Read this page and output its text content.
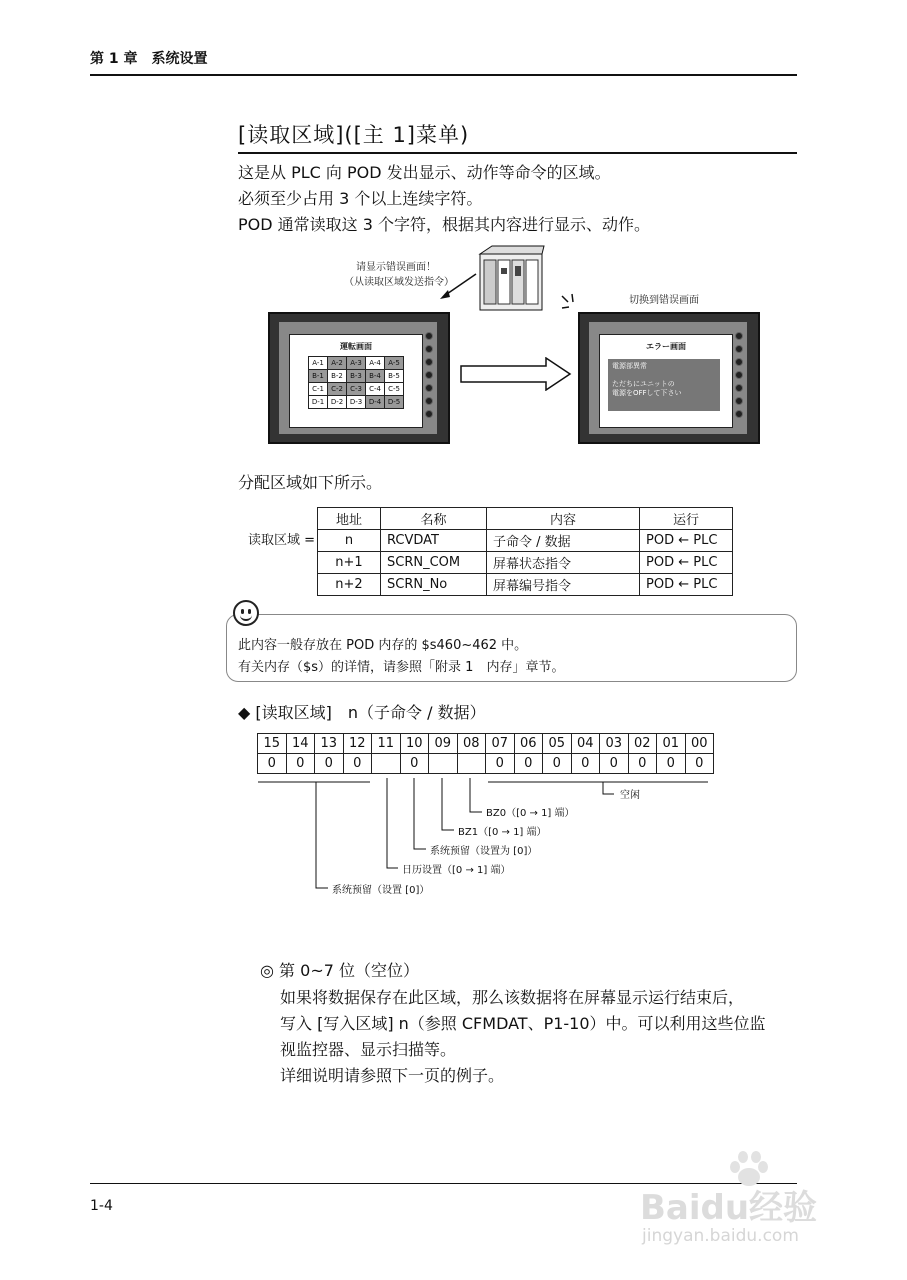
第 1 章 系统设置
[读取区域]([主 1]菜单)
这是从 PLC 向 POD 发出显示、动作等命令的区域。
必须至少占用 3 个以上连续字符。
POD 通常读取这 3 个字符，根据其内容进行显示、动作。
请显示错误画面！
（从读取区域发送指令）
切换到错误画面
運転画面
A-1	A-2	A-3	A-4	A-5
B-1	B-2	B-3	B-4	B-5
C-1	C-2	C-3	C-4	C-5
D-1	D-2	D-3	D-4	D-5
エラー画面
電源部異常
ただちにユニットの
電源をOFFして下さい
分配区域如下所示。
读取区域 =
地址	名称	内容	运行
n	RCVDAT	子命令 / 数据	POD ← PLC
n+1	SCRN_COM	屏幕状态指令	POD ← PLC
n+2	SCRN_No	屏幕编号指令	POD ← PLC
此内容一般存放在 POD 内存的 $s460~462 中。
有关内存（$s）的详情，请参照「附录 1　内存」章节。
◆ [读取区域]　n（子命令 / 数据）
15	14	13	12	11	10	09	08	07	06	05	04	03	02	01	00
0	0	0	0		0			0	0	0	0	0	0	0	0
空闲
BZ0（[0 → 1] 端）
BZ1（[0 → 1] 端）
系统预留（设置为 [0]）
日历设置（[0 → 1] 端）
系统预留（设置 [0]）
◎ 第 0~7 位（空位）
如果将数据保存在此区域，那么该数据将在屏幕显示运行结束后，
写入 [写入区域] n（参照 CFMDAT、P1-10）中。可以利用这些位监
视监控器、显示扫描等。
详细说明请参照下一页的例子。
1-4	Baidu经验
jingyan.baidu.com
